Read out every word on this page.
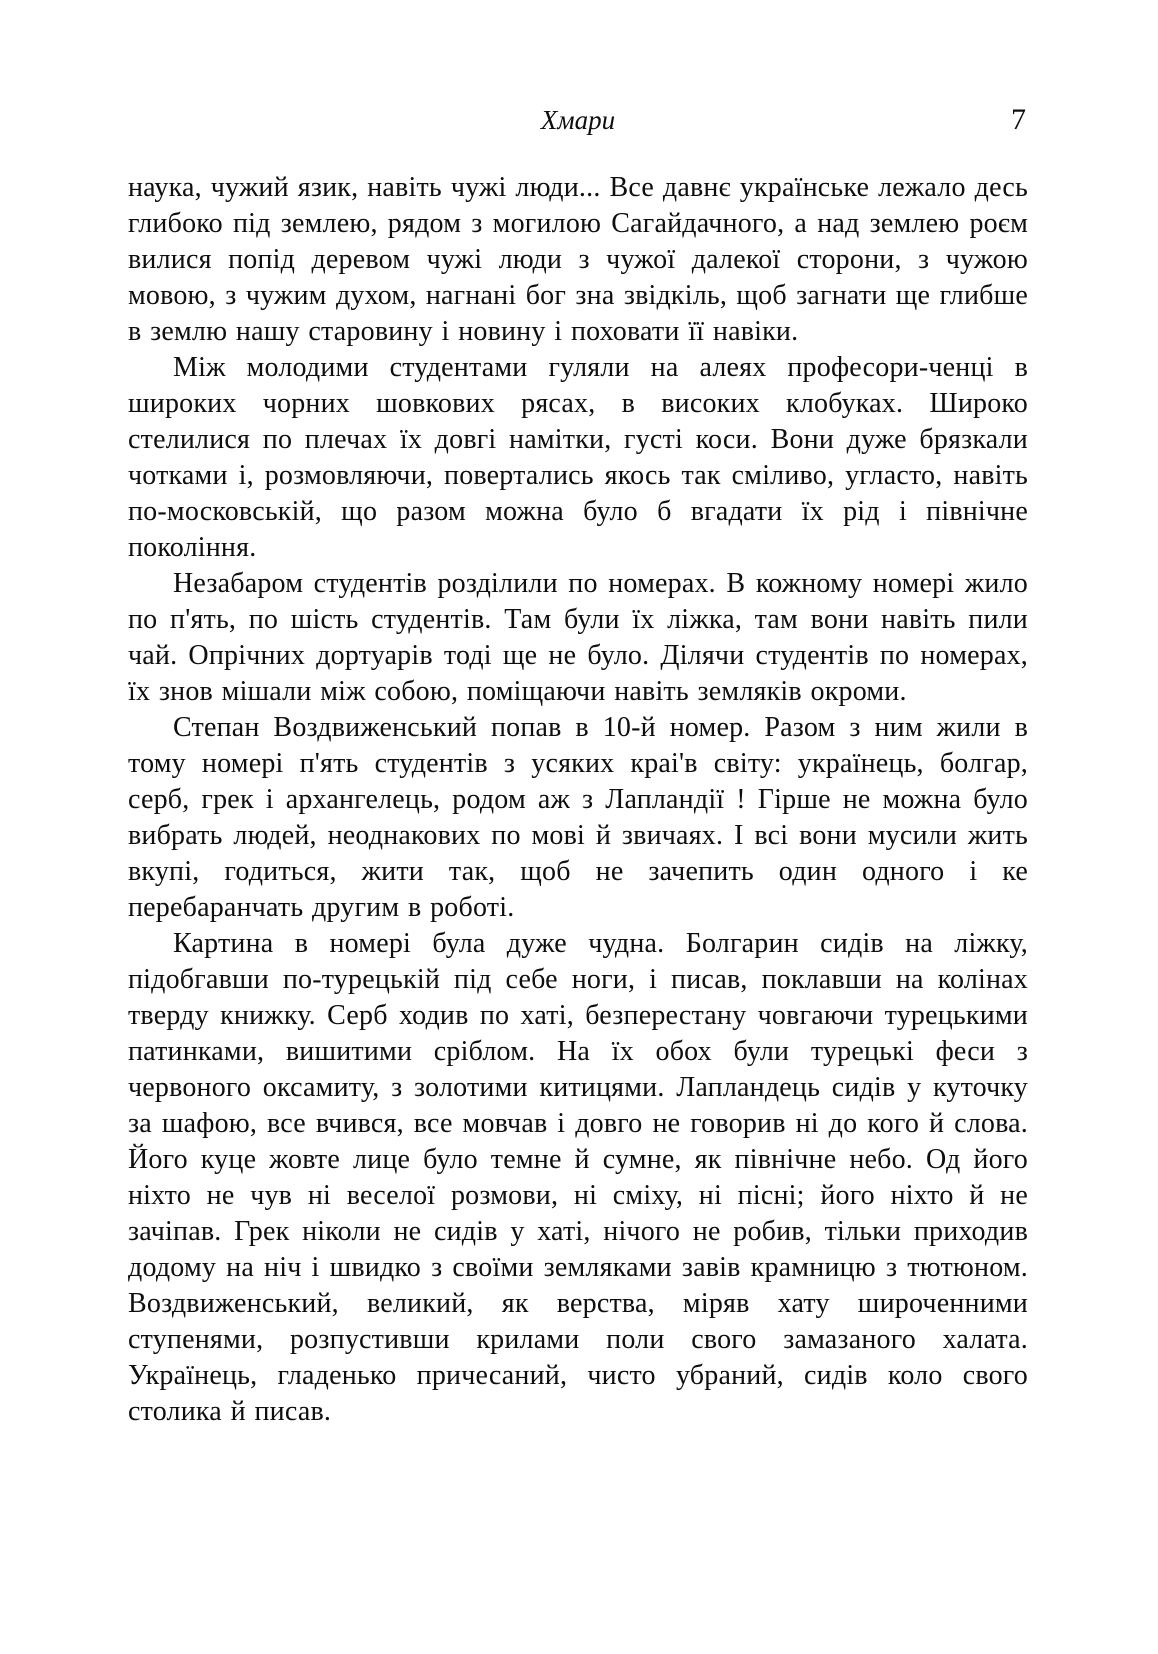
Хмари	7

наука, чужий язик, навіть чужі люди... Все давнє українське лежало десь глибоко під землею, рядом з могилою Сагайдачного, а над землею роєм вилися попід деревом чужі люди з чужої далекої сторони, з чужою мовою, з чужим духом, нагнані бог зна звідкіль, щоб загнати ще глибше в землю нашу старовину і новину і поховати її навіки.

Між молодими студентами гуляли на алеях професори-ченці в широких чорних шовкових рясах, в високих клобуках. Широко стелилися по плечах їх довгі намітки, густі коси. Вони дуже брязкали чотками і, розмовляючи, повертались якось так сміливо, угласто, навіть по-московській, що разом можна було б вгадати їх рід і північне покоління.

Незабаром студентів розділили по номерах. В кожному номері жило по п'ять, по шість студентів. Там були їх ліжка, там вони навіть пили чай. Опрічних дортуарів тоді ще не було. Ділячи студентів по номерах, їх знов мішали між собою, поміщаючи навіть земляків окроми.

Степан Воздвиженський попав в 10-й номер. Разом з ним жили в тому номері п'ять студентів з усяких краі'в світу: українець, болгар, серб, грек і архангелець, родом аж з Лапландії ! Гірше не можна було вибрать людей, неоднакових по мові й звичаях. І всі вони мусили жить вкупі, годиться, жити так, щоб не зачепить один одного і ке перебаранчать другим в роботі.

Картина в номері була дуже чудна. Болгарин сидів на ліжку, підобгавши по-турецькій під себе ноги, і писав, поклавши на колінах тверду книжку. Серб ходив по хаті, безперестану човгаючи турецькими патинками, вишитими сріблом. На їх обох були турецькі феси з червоного оксамиту, з золотими китицями. Лапландець сидів у куточку за шафою, все вчився, все мовчав і довго не говорив ні до кого й слова. Його куце жовте лице було темне й сумне, як північне небо. Од його ніхто не чув ні веселої розмови, ні сміху, ні пісні; його ніхто й не зачіпав. Грек ніколи не сидів у хаті, нічого не робив, тільки приходив додому на ніч і швидко з своїми земляками завів крамницю з тютюном. Воздвиженський, великий, як верства, міряв хату широченними ступенями, розпустивши крилами поли свого замазаного халата. Українець, гладенько причесаний, чисто убраний, сидів коло свого столика й писав.
